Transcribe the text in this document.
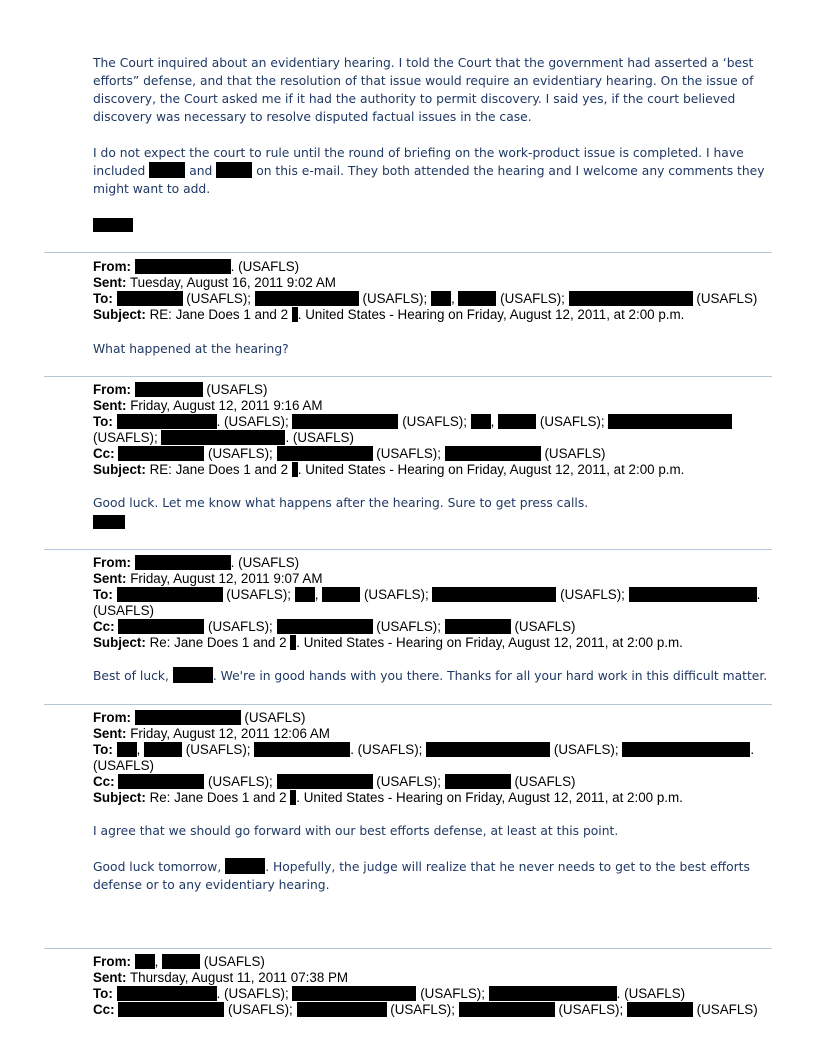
The Court inquired about an evidentiary hearing. I told the Court that the government had asserted a ‘best

efforts” defense, and that the resolution of that issue would require an evidentiary hearing. On the issue of

discovery, the Court asked me if it had the authority to permit discovery. I said yes, if the court believed

discovery was necessary to resolve disputed factual issues in the case.

I do not expect the court to rule until the round of briefing on the work-product issue is completed. I have

included	and	on this e-mail. They both attended the hearing and I welcome any comments they

might want to add.

From:	. (USAFLS)
Sent: Tuesday, August 16, 2011 9:02 AM
To:	(USAFLS);	(USAFLS); ,	(USAFLS);	(USAFLS)
Subject: RE: Jane Does 1 and 2 . United States - Hearing on Friday, August 12, 2011, at 2:00 p.m.

What happened at the hearing?

From:	(USAFLS)
Sent: Friday, August 12, 2011 9:16 AM
To:	. (USAFLS);	(USAFLS); ,	(USAFLS);
(USAFLS);	. (USAFLS)
Cc:	(USAFLS);	(USAFLS);	(USAFLS)
Subject: RE: Jane Does 1 and 2 . United States - Hearing on Friday, August 12, 2011, at 2:00 p.m.

Good luck. Let me know what happens after the hearing. Sure to get press calls.

From:	. (USAFLS)
Sent: Friday, August 12, 2011 9:07 AM
To:	(USAFLS); ,	(USAFLS);	(USAFLS);	.
(USAFLS)
Cc:	(USAFLS);	(USAFLS);	(USAFLS)
Subject: Re: Jane Does 1 and 2 . United States - Hearing on Friday, August 12, 2011, at 2:00 p.m.

Best of luck,	. We're in good hands with you there. Thanks for all your hard work in this difficult matter.

From:	(USAFLS)
Sent: Friday, August 12, 2011 12:06 AM
To: ,	(USAFLS);	. (USAFLS);	(USAFLS);	.
(USAFLS)
Cc:	(USAFLS);	(USAFLS);	(USAFLS)
Subject: Re: Jane Does 1 and 2 . United States - Hearing on Friday, August 12, 2011, at 2:00 p.m.

I agree that we should go forward with our best efforts defense, at least at this point.

Good luck tomorrow,	. Hopefully, the judge will realize that he never needs to get to the best efforts

defense or to any evidentiary hearing.

From: ,	(USAFLS)
Sent: Thursday, August 11, 2011 07:38 PM
To:	. (USAFLS);	(USAFLS);	. (USAFLS)
Cc:	(USAFLS);	(USAFLS);	(USAFLS);	(USAFLS)
